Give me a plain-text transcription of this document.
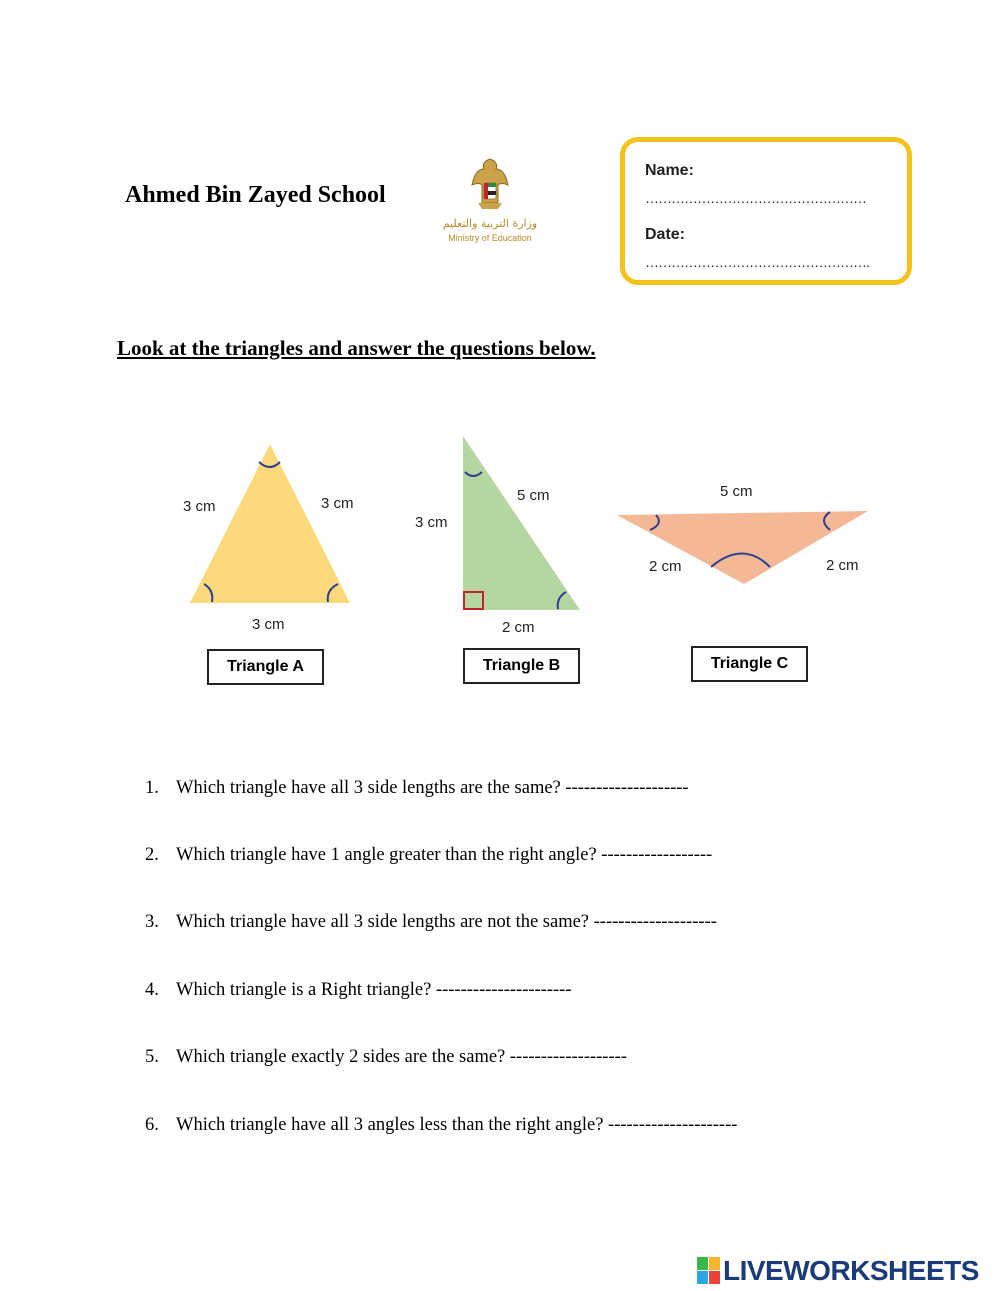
Ahmed Bin Zayed School
وزارة التربية والتعليم
Ministry of Education
Name:
……………………………………………
Date:
…………………………………………….
Look at the triangles and answer the questions below.
3 cm	3 cm
3 cm
3 cm
5 cm
2 cm
5 cm
2 cm	2 cm
Triangle A	Triangle B	Triangle C
1. Which triangle have all 3 side lengths are the same? --------------------
2. Which triangle have 1 angle greater than the right angle? ------------------
3. Which triangle have all 3 side lengths are not the same? --------------------
4. Which triangle is a Right triangle? ----------------------
5. Which triangle exactly 2 sides are the same? -------------------
6. Which triangle have all 3 angles less than the right angle? ---------------------
LIVEWORKSHEETS
